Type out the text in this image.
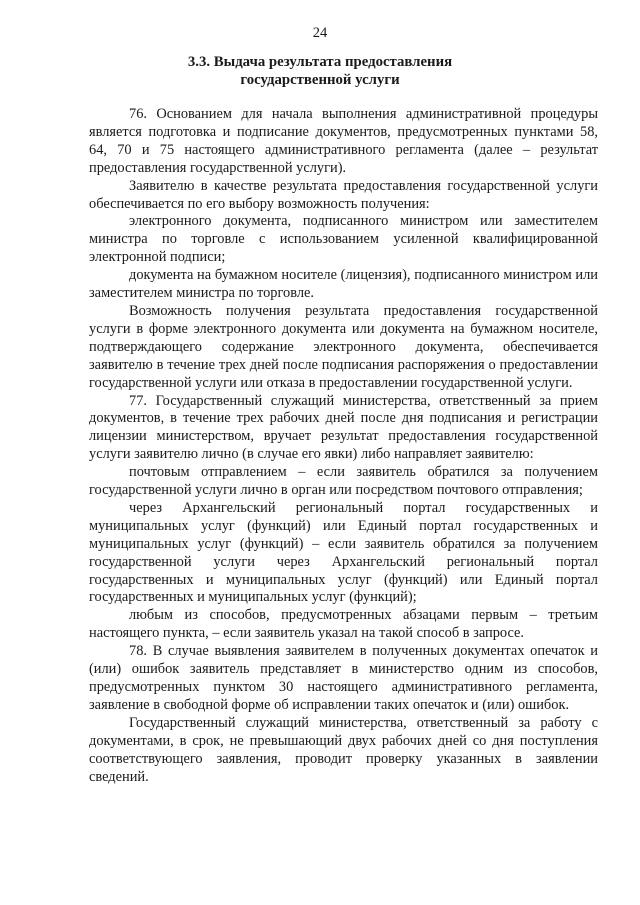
24
3.3. Выдача результата предоставления
государственной услуги

76. Основанием для начала выполнения административной процедуры является подготовка и подписание документов, предусмотренных пунктами 58, 64, 70 и 75 настоящего административного регламента (далее – результат предоставления государственной услуги).

Заявителю в качестве результата предоставления государственной услуги обеспечивается по его выбору возможность получения:

электронного документа, подписанного министром или заместителем министра по торговле с использованием усиленной квалифицированной электронной подписи;

документа на бумажном носителе (лицензия), подписанного министром или заместителем министра по торговле.

Возможность получения результата предоставления государственной услуги в форме электронного документа или документа на бумажном носителе, подтверждающего содержание электронного документа, обеспечивается заявителю в течение трех дней после подписания распоряжения о предоставлении государственной услуги или отказа в предоставлении государственной услуги.

77. Государственный служащий министерства, ответственный за прием документов, в течение трех рабочих дней после дня подписания и регистрации лицензии министерством, вручает результат предоставления государственной услуги заявителю лично (в случае его явки) либо направляет заявителю:

почтовым отправлением – если заявитель обратился за получением государственной услуги лично в орган или посредством почтового отправления;

через Архангельский региональный портал государственных и муниципальных услуг (функций) или Единый портал государственных и муниципальных услуг (функций) – если заявитель обратился за получением государственной услуги через Архангельский региональный портал государственных и муниципальных услуг (функций) или Единый портал государственных и муниципальных услуг (функций);

любым из способов, предусмотренных абзацами первым – третьим настоящего пункта, – если заявитель указал на такой способ в запросе.

78. В случае выявления заявителем в полученных документах опечаток и (или) ошибок заявитель представляет в министерство одним из способов, предусмотренных пунктом 30 настоящего административного регламента, заявление в свободной форме об исправлении таких опечаток и (или) ошибок.

Государственный служащий министерства, ответственный за работу с документами, в срок, не превышающий двух рабочих дней со дня поступления соответствующего заявления, проводит проверку указанных в заявлении сведений.
